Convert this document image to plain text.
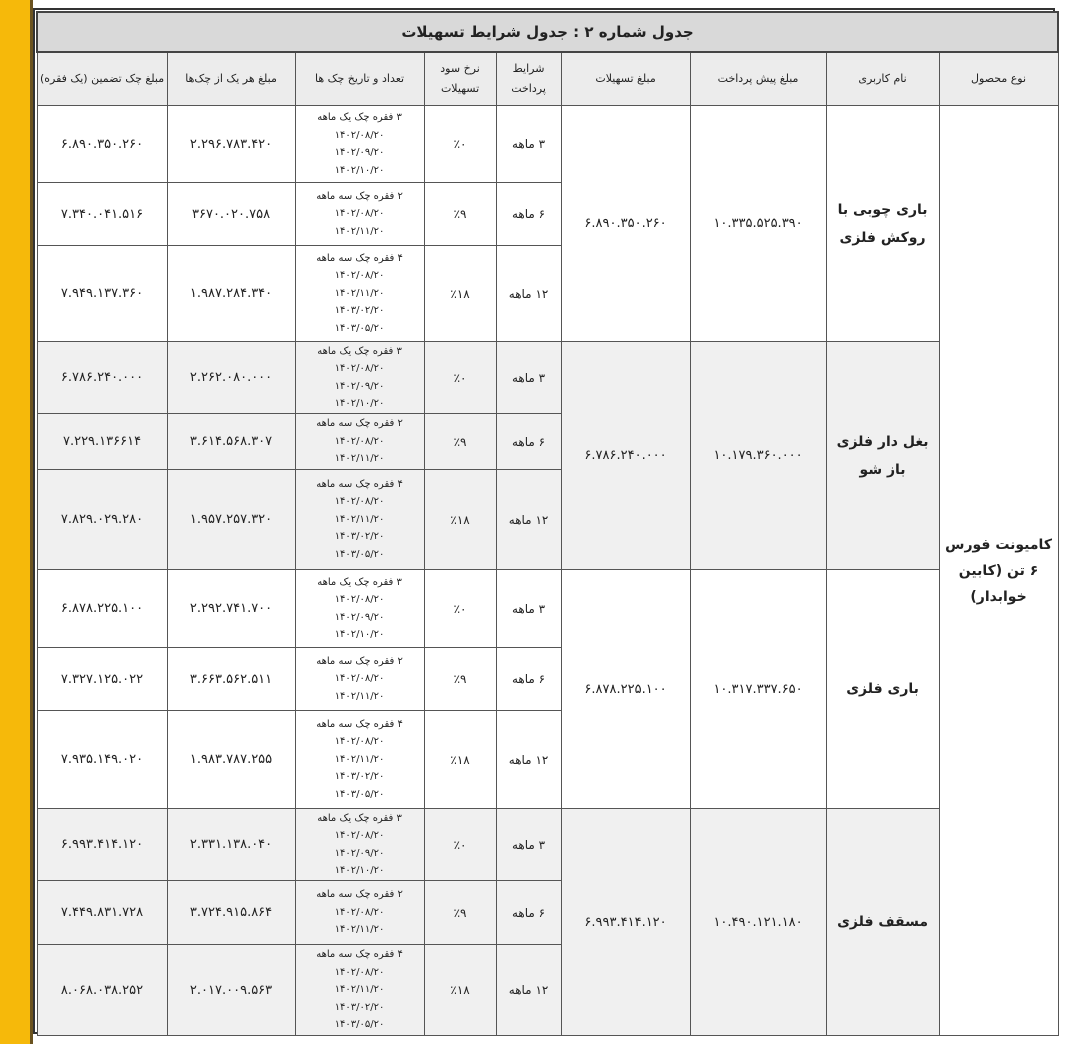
جدول شماره ۲ : جدول شرایط تسهیلات								
نوع محصول	نام کاربری	مبلغ پیش پرداخت	مبلغ تسهیلات	شرایط پرداخت	نرخ سود تسهیلات	تعداد و تاریخ چک ها	مبلغ هر یک از چک‌ها	مبلغ چک تضمین (یک فقره)
کامیونت فورس ۶ تن (کابین خوابدار)	باری چوبی با روکش فلزی	۱۰.۳۳۵.۵۲۵.۳۹۰	۶.۸۹۰.۳۵۰.۲۶۰	۳ ماهه	٪۰	۳ فقره چک یک ماهه
۱۴۰۲/۰۸/۲۰
۱۴۰۲/۰۹/۲۰
۱۴۰۲/۱۰/۲۰	۲.۲۹۶.۷۸۳.۴۲۰	۶.۸۹۰.۳۵۰.۲۶۰
				۶ ماهه	٪۹	۲ فقره چک سه ماهه
۱۴۰۲/۰۸/۲۰
۱۴۰۲/۱۱/۲۰	۳۶۷۰.۰۲۰.۷۵۸	۷.۳۴۰.۰۴۱.۵۱۶
				۱۲ ماهه	٪۱۸	۴ فقره چک سه ماهه
۱۴۰۲/۰۸/۲۰
۱۴۰۲/۱۱/۲۰
۱۴۰۳/۰۲/۲۰
۱۴۰۳/۰۵/۲۰	۱.۹۸۷.۲۸۴.۳۴۰	۷.۹۴۹.۱۳۷.۳۶۰
	بغل دار فلزی باز شو	۱۰.۱۷۹.۳۶۰.۰۰۰	۶.۷۸۶.۲۴۰.۰۰۰	۳ ماهه	٪۰	۳ فقره چک یک ماهه
۱۴۰۲/۰۸/۲۰
۱۴۰۲/۰۹/۲۰
۱۴۰۲/۱۰/۲۰	۲.۲۶۲.۰۸۰.۰۰۰	۶.۷۸۶.۲۴۰.۰۰۰
				۶ ماهه	٪۹	۲ فقره چک سه ماهه
۱۴۰۲/۰۸/۲۰
۱۴۰۲/۱۱/۲۰	۳.۶۱۴.۵۶۸.۳۰۷	۷.۲۲۹.۱۳۶۶۱۴
				۱۲ ماهه	٪۱۸	۴ فقره چک سه ماهه
۱۴۰۲/۰۸/۲۰
۱۴۰۲/۱۱/۲۰
۱۴۰۳/۰۲/۲۰
۱۴۰۳/۰۵/۲۰	۱.۹۵۷.۲۵۷.۳۲۰	۷.۸۲۹.۰۲۹.۲۸۰
	باری فلزی	۱۰.۳۱۷.۳۳۷.۶۵۰	۶.۸۷۸.۲۲۵.۱۰۰	۳ ماهه	٪۰	۳ فقره چک یک ماهه
۱۴۰۲/۰۸/۲۰
۱۴۰۲/۰۹/۲۰
۱۴۰۲/۱۰/۲۰	۲.۲۹۲.۷۴۱.۷۰۰	۶.۸۷۸.۲۲۵.۱۰۰
				۶ ماهه	٪۹	۲ فقره چک سه ماهه
۱۴۰۲/۰۸/۲۰
۱۴۰۲/۱۱/۲۰	۳.۶۶۳.۵۶۲.۵۱۱	۷.۳۲۷.۱۲۵.۰۲۲
				۱۲ ماهه	٪۱۸	۴ فقره چک سه ماهه
۱۴۰۲/۰۸/۲۰
۱۴۰۲/۱۱/۲۰
۱۴۰۳/۰۲/۲۰
۱۴۰۳/۰۵/۲۰	۱.۹۸۳.۷۸۷.۲۵۵	۷.۹۳۵.۱۴۹.۰۲۰
	مسقف فلزی	۱۰.۴۹۰.۱۲۱.۱۸۰	۶.۹۹۳.۴۱۴.۱۲۰	۳ ماهه	٪۰	۳ فقره چک یک ماهه
۱۴۰۲/۰۸/۲۰
۱۴۰۲/۰۹/۲۰
۱۴۰۲/۱۰/۲۰	۲.۳۳۱.۱۳۸.۰۴۰	۶.۹۹۳.۴۱۴.۱۲۰
				۶ ماهه	٪۹	۲ فقره چک سه ماهه
۱۴۰۲/۰۸/۲۰
۱۴۰۲/۱۱/۲۰	۳.۷۲۴.۹۱۵.۸۶۴	۷.۴۴۹.۸۳۱.۷۲۸
				۱۲ ماهه	٪۱۸	۴ فقره چک سه ماهه
۱۴۰۲/۰۸/۲۰
۱۴۰۲/۱۱/۲۰
۱۴۰۳/۰۲/۲۰
۱۴۰۳/۰۵/۲۰	۲.۰۱۷.۰۰۹.۵۶۳	۸.۰۶۸.۰۳۸.۲۵۲
